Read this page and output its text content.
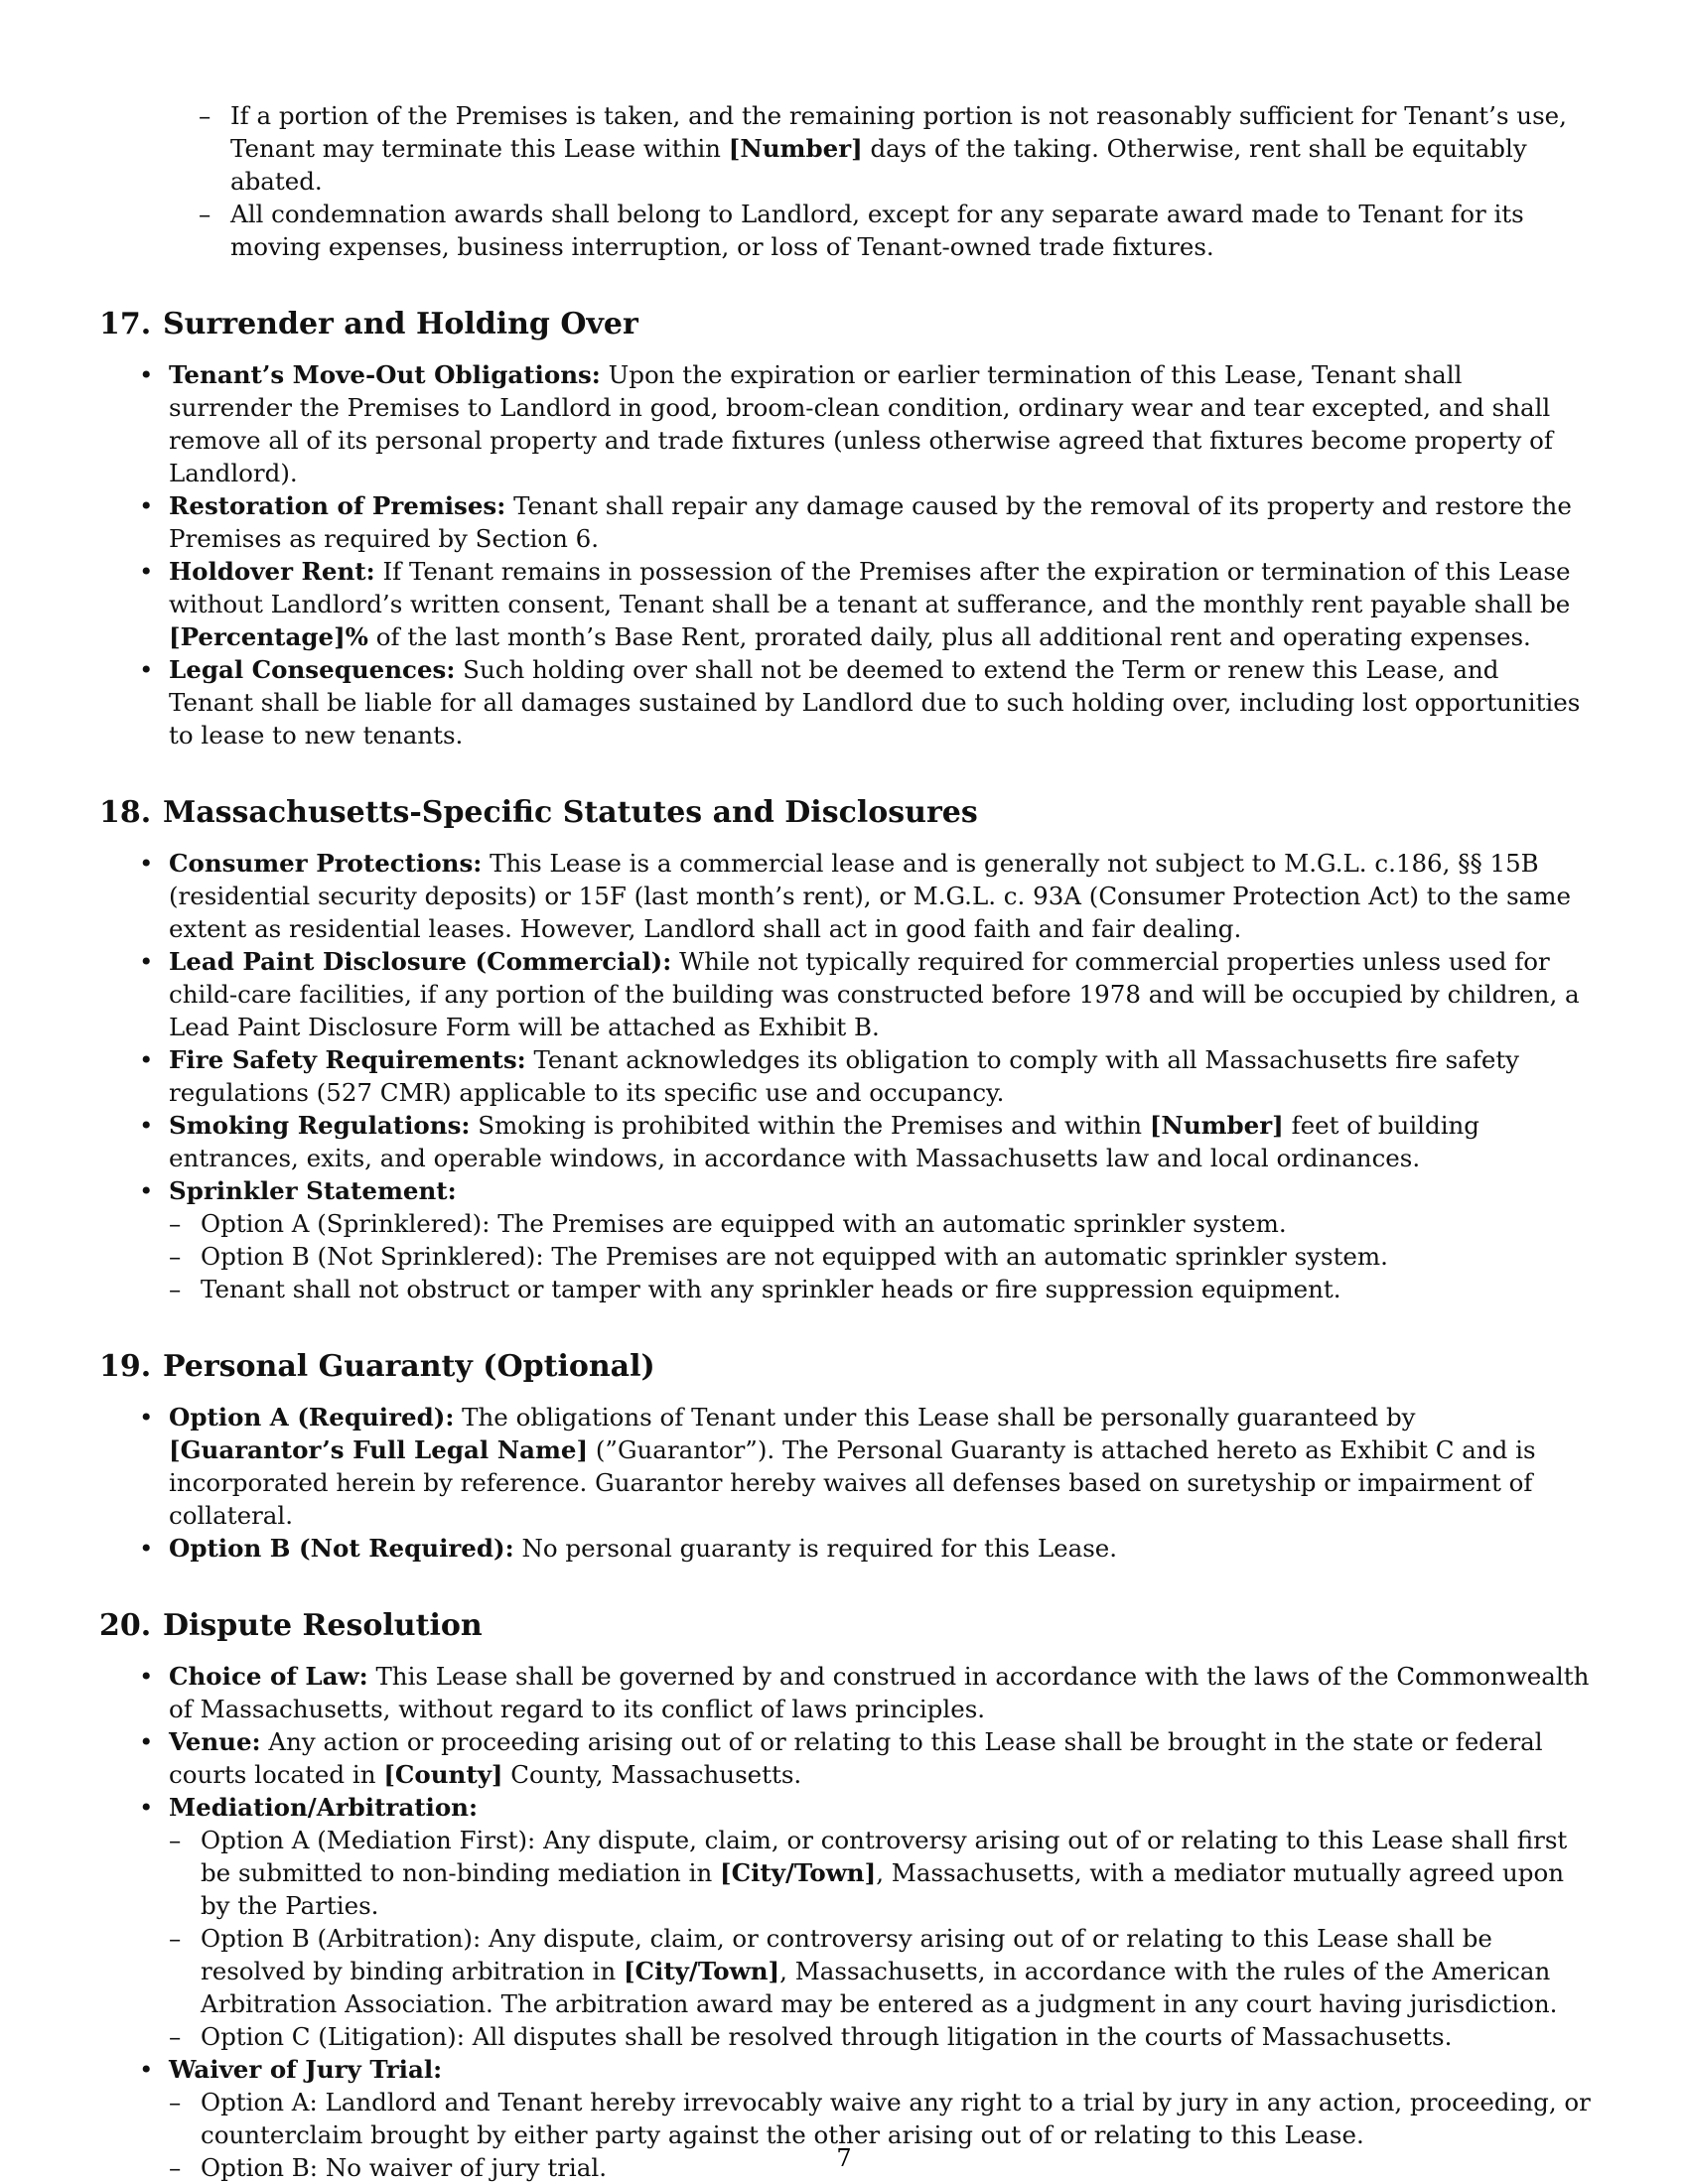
– If a portion of the Premises is taken, and the remaining portion is not reasonably sufficient for Tenant’s use, Tenant may terminate this Lease within [Number] days of the taking. Otherwise, rent shall be equitably abated.
– All condemnation awards shall belong to Landlord, except for any separate award made to Tenant for its moving expenses, business interruption, or loss of Tenant-owned trade fixtures.
17. Surrender and Holding Over
• Tenant’s Move-Out Obligations: Upon the expiration or earlier termination of this Lease, Tenant shall surrender the Premises to Landlord in good, broom-clean condition, ordinary wear and tear excepted, and shall remove all of its personal property and trade fixtures (unless otherwise agreed that fixtures become property of Landlord).
• Restoration of Premises: Tenant shall repair any damage caused by the removal of its property and restore the Premises as required by Section 6.
• Holdover Rent: If Tenant remains in possession of the Premises after the expiration or termination of this Lease without Landlord’s written consent, Tenant shall be a tenant at sufferance, and the monthly rent payable shall be [Percentage]% of the last month’s Base Rent, prorated daily, plus all additional rent and operating expenses.
• Legal Consequences: Such holding over shall not be deemed to extend the Term or renew this Lease, and Tenant shall be liable for all damages sustained by Landlord due to such holding over, including lost opportunities to lease to new tenants.
18. Massachusetts-Specific Statutes and Disclosures
• Consumer Protections: This Lease is a commercial lease and is generally not subject to M.G.L. c.186, §§ 15B (residential security deposits) or 15F (last month’s rent), or M.G.L. c. 93A (Consumer Protection Act) to the same extent as residential leases. However, Landlord shall act in good faith and fair dealing.
• Lead Paint Disclosure (Commercial): While not typically required for commercial properties unless used for child-care facilities, if any portion of the building was constructed before 1978 and will be occupied by children, a Lead Paint Disclosure Form will be attached as Exhibit B.
• Fire Safety Requirements: Tenant acknowledges its obligation to comply with all Massachusetts fire safety regulations (527 CMR) applicable to its specific use and occupancy.
• Smoking Regulations: Smoking is prohibited within the Premises and within [Number] feet of building entrances, exits, and operable windows, in accordance with Massachusetts law and local ordinances.
• Sprinkler Statement:
– Option A (Sprinklered): The Premises are equipped with an automatic sprinkler system.
– Option B (Not Sprinklered): The Premises are not equipped with an automatic sprinkler system.
– Tenant shall not obstruct or tamper with any sprinkler heads or fire suppression equipment.
19. Personal Guaranty (Optional)
• Option A (Required): The obligations of Tenant under this Lease shall be personally guaranteed by [Guarantor’s Full Legal Name] (”Guarantor”). The Personal Guaranty is attached hereto as Exhibit C and is incorporated herein by reference. Guarantor hereby waives all defenses based on suretyship or impairment of collateral.
• Option B (Not Required): No personal guaranty is required for this Lease.
20. Dispute Resolution
• Choice of Law: This Lease shall be governed by and construed in accordance with the laws of the Commonwealth of Massachusetts, without regard to its conflict of laws principles.
• Venue: Any action or proceeding arising out of or relating to this Lease shall be brought in the state or federal courts located in [County] County, Massachusetts.
• Mediation/Arbitration:
– Option A (Mediation First): Any dispute, claim, or controversy arising out of or relating to this Lease shall first be submitted to non-binding mediation in [City/Town], Massachusetts, with a mediator mutually agreed upon by the Parties.
– Option B (Arbitration): Any dispute, claim, or controversy arising out of or relating to this Lease shall be resolved by binding arbitration in [City/Town], Massachusetts, in accordance with the rules of the American Arbitration Association. The arbitration award may be entered as a judgment in any court having jurisdiction.
– Option C (Litigation): All disputes shall be resolved through litigation in the courts of Massachusetts.
• Waiver of Jury Trial:
– Option A: Landlord and Tenant hereby irrevocably waive any right to a trial by jury in any action, proceeding, or counterclaim brought by either party against the other arising out of or relating to this Lease.
– Option B: No waiver of jury trial.	7
